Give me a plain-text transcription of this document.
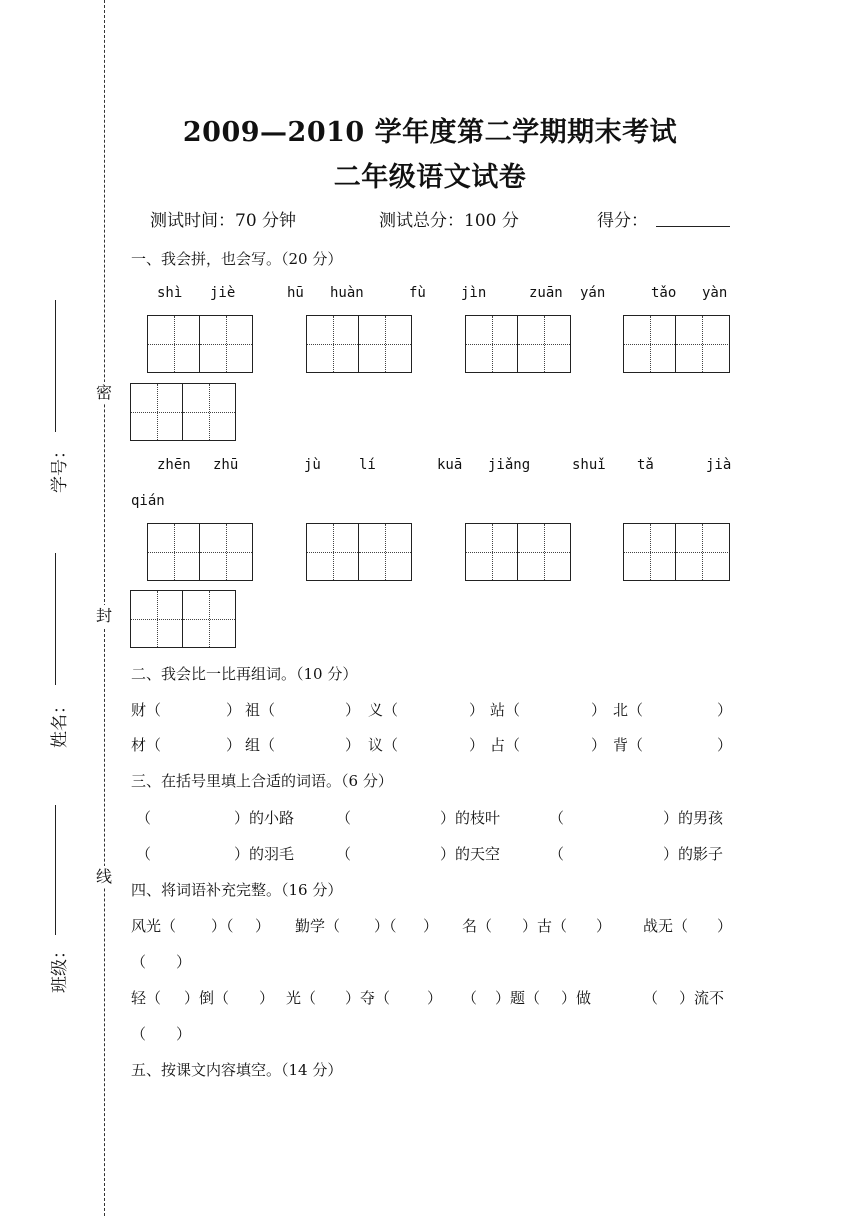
密
封
线
学号：
姓名：
班级：
2009—2010 学年度第二学期期末考试
二年级语文试卷
测试时间：70 分钟	测试总分：100 分	得分：
一、我会拼，也会写。（20 分）
shì jiè	hū huàn	fù	jìn	zuān yán	tǎo yàn
zhēn zhū	jù	lí	kuā jiǎng	shuǐ tǎ	jià
qián
二、我会比一比再组词。（10 分）
财（	） 祖（	） 义（	） 站（	） 北（	）
材（	） 组（	） 议（	） 占（	） 背（	）
三、在括号里填上合适的词语。（6 分）
（	）的小路	（	）的枝叶	（	）的男孩
（	）的羽毛	（	）的天空	（	）的影子
四、将词语补充完整。（16 分）
风光（ ）（ ） 勤学（ ）（ ） 名（ ）古（ ） 战无（ ）
（　　）
轻（ ）倒（ ） 光（ ）夺（ ） （ ）题（ ）做	（ ）流不
（　　）
五、按课文内容填空。（14 分）
